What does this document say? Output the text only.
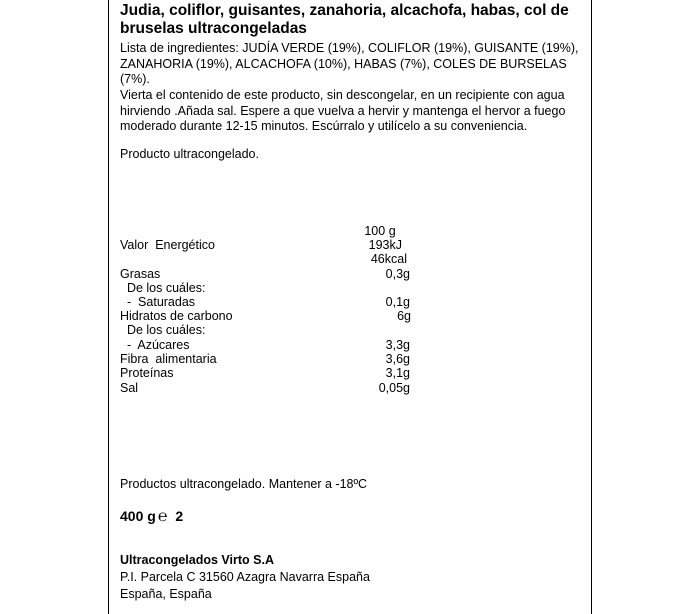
Judia, coliflor, guisantes, zanahoria, alcachofa, habas, col de bruselas ultracongeladas
Lista de ingredientes: JUDÍA VERDE (19%), COLIFLOR (19%), GUISANTE (19%), ZANAHORIA (19%), ALCACHOFA (10%), HABAS (7%), COLES DE BURSELAS (7%).
Vierta el contenido de este producto, sin descongelar, en un recipiente con agua hirviendo .Añada sal. Espere a que vuelva a hervir y mantenga el hervor a fuego moderado durante 12-15 minutos. Escúrralo y utilícelo a su conveniencia.
Producto ultracongelado.
100 g
Valor  Energético	193kJ
46kcal
Grasas	0,3g
De los cuáles:
-  Saturadas	0,1g
Hidratos de carbono	6g
De los cuáles:
-  Azúcares	3,3g
Fibra  alimentaria	3,6g
Proteínas	3,1g
Sal	0,05g
Productos ultracongelado. Mantener a -18ºC
400 g ℮ 2
Ultracongelados Virto S.A
P.I. Parcela C 31560 Azagra Navarra España
España, España
